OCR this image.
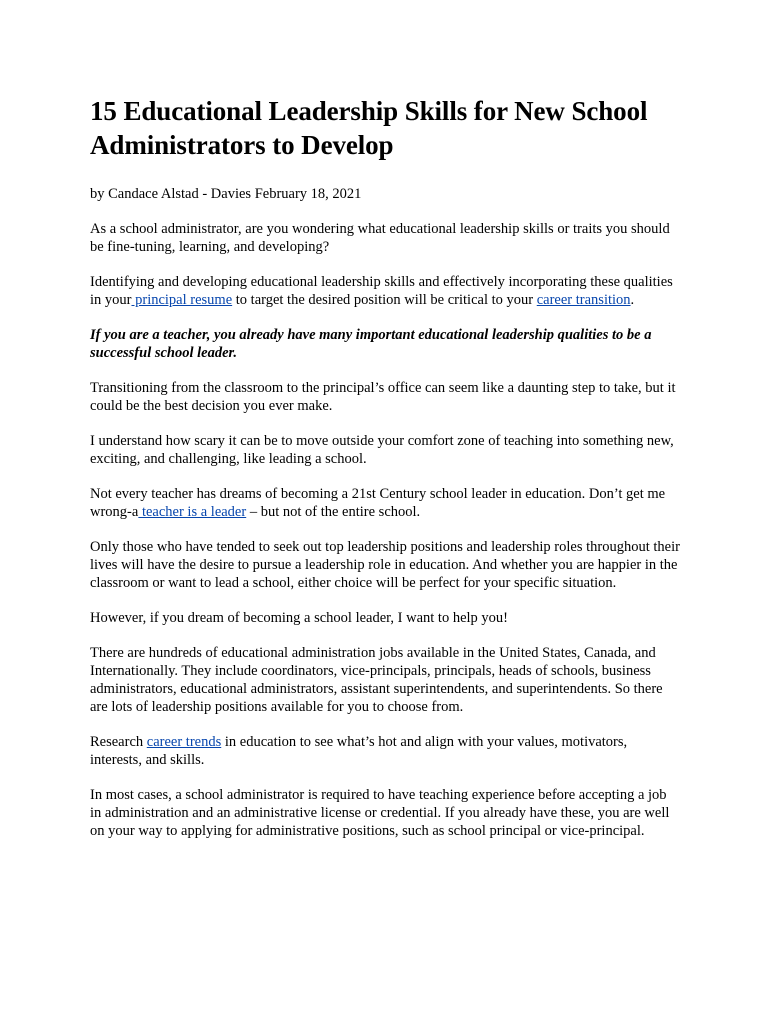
15 Educational Leadership Skills for New School Administrators to Develop
by Candace Alstad - Davies February 18, 2021

As a school administrator, are you wondering what educational leadership skills or traits you should be fine-tuning, learning, and developing?

Identifying and developing educational leadership skills and effectively incorporating these qualities in your principal resume to target the desired position will be critical to your career transition.

If you are a teacher, you already have many important educational leadership qualities to be a successful school leader.

Transitioning from the classroom to the principal’s office can seem like a daunting step to take, but it could be the best decision you ever make.

I understand how scary it can be to move outside your comfort zone of teaching into something new, exciting, and challenging, like leading a school.

Not every teacher has dreams of becoming a 21st Century school leader in education. Don’t get me wrong-a teacher is a leader – but not of the entire school.

Only those who have tended to seek out top leadership positions and leadership roles throughout their lives will have the desire to pursue a leadership role in education. And whether you are happier in the classroom or want to lead a school, either choice will be perfect for your specific situation.

However, if you dream of becoming a school leader, I want to help you!

There are hundreds of educational administration jobs available in the United States, Canada, and Internationally. They include coordinators, vice-principals, principals, heads of schools, business administrators, educational administrators, assistant superintendents, and superintendents. So there are lots of leadership positions available for you to choose from.

Research career trends in education to see what’s hot and align with your values, motivators, interests, and skills.

In most cases, a school administrator is required to have teaching experience before accepting a job in administration and an administrative license or credential. If you already have these, you are well on your way to applying for administrative positions, such as school principal or vice-principal.
